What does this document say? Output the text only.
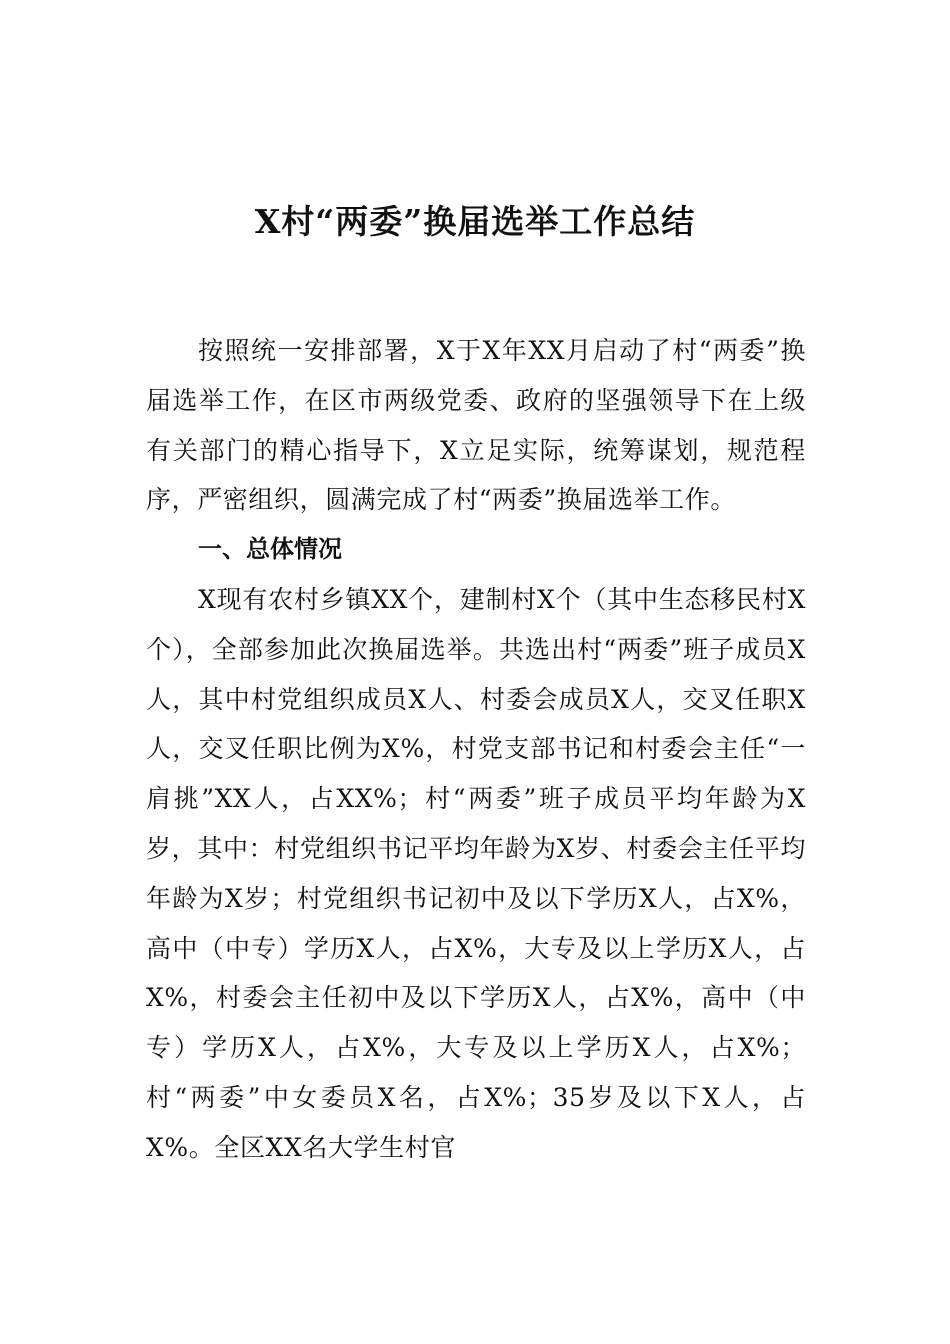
X村“两委”换届选举工作总结

按照统一安排部署，X于X年XX月启动了村“两委”换届选举工作，在区市两级党委、政府的坚强领导下在上级有关部门的精心指导下，X立足实际，统筹谋划，规范程序，严密组织，圆满完成了村“两委”换届选举工作。

一、总体情况

X现有农村乡镇XX个，建制村X个（其中生态移民村X个），全部参加此次换届选举。共选出村“两委”班子成员X人，其中村党组织成员X人、村委会成员X人，交叉任职X人，交叉任职比例为X%，村党支部书记和村委会主任“一肩挑”XX人，占XX%；村“两委”班子成员平均年龄为X岁，其中：村党组织书记平均年龄为X岁、村委会主任平均年龄为X岁；村党组织书记初中及以下学历X人，占X%，高中（中专）学历X人，占X%，大专及以上学历X人，占X%，村委会主任初中及以下学历X人，占X%，高中（中专）学历X人，占X%，大专及以上学历X人，占X%；村“两委”中女委员X名，占X%；35岁及以下X人，占X%。全区XX名大学生村官
